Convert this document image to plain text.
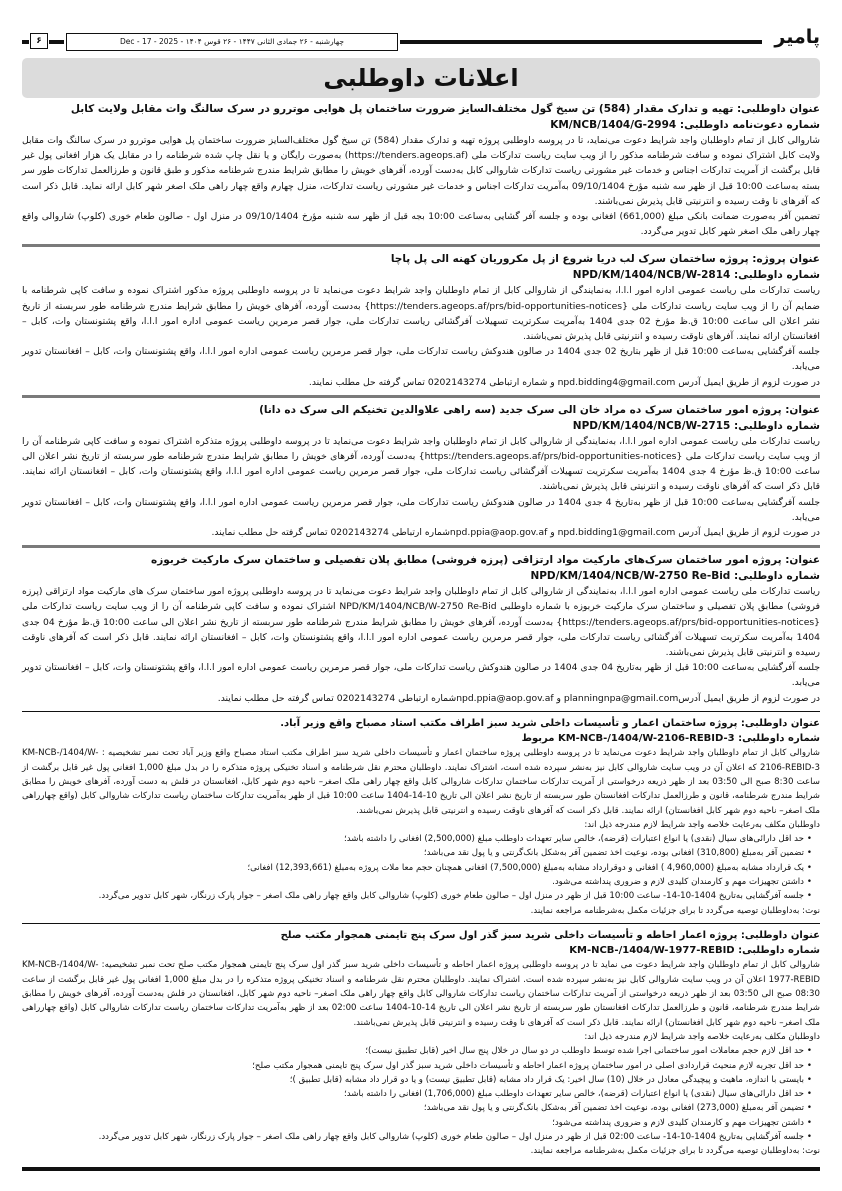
پامیر
چهارشنبه - ۲۶ جمادی الثانی ۱۴۴۷ - ۲۶ قوس ۱۴۰۴ - 2025 - 17 - Dec
۶
اعلانات داوطلبی
عنوان داوطلبی: تهیه و تدارک مقدار (584) تن سیخ گول مختلف‌السایز ضرورت ساختمان پل هوایی موتررو در سرک سالنگ وات مقابل ولایت کابل
شماره دعوت‌نامه داوطلبی: KM/NCB/1404/G-2994

شاروالی کابل از تمام داوطلبان واجد شرایط دعوت می‌نماید، تا در پروسه داوطلبی پروژه تهیه و تدارک مقدار (584) تن سیخ گول مختلف‌السایز ضرورت ساختمان پل هوایی موتررو در سرک سالنگ وات مقابل ولایت کابل اشتراک نموده و سافت شرطنامه مذکور را از ویب سایت ریاست تدارکات ملی (https://tenders.ageops.af) به‌صورت رایگان و یا نقل چاپ شده شرطنامه را در مقابل یک هزار افغانی پول غیر قابل برگشت از آمریت تدارکات اجناس و خدمات غیر مشورتی ریاست تدارکات شاروالی کابل به‌دست آورده، آفرهای خویش را مطابق شرایط مندرج شرطنامه مذکور و طبق قانون و طرزالعمل تدارکات طور سر بسته به‌ساعت 10:00 قبل از ظهر سه شنبه مؤرخ 09/10/1404 به‌آمریت تدارکات اجناس و خدمات غیر مشورتی ریاست تدارکات، منزل چهارم واقع چهار راهی ملک اصغر شهر کابل ارائه نماید. قابل ذکر است که آفرهای نا وقت رسیده و انترنیتی قابل پذیرش نمی‌باشند.

تضمین آفر به‌صورت ضمانت بانکی مبلغ (661,000) افغانی بوده و جلسه آفر گشایی به‌ساعت 10:00 بجه قبل از ظهر سه شنبه مؤرخ 09/10/1404 در منزل اول - صالون طعام خوری (کلوپ) شاروالی واقع چهار راهی ملک اصغر شهر کابل تدویر می‌گردد.

عنوان پروژه: پروژه ساختمان سرک لب دریا شروع از پل مکروریان کهنه الی پل پاچا
شماره داوطلبی: NPD/KM/1404/NCB/W-2814

ریاست تدارکات ملی ریاست عمومی اداره امور ا.ا.ا، به‌نمایندگی از شاروالی کابل از تمام داوطلبان واجد شرایط دعوت می‌نماید تا در پروسه داوطلبی پروژه مذکور اشتراک نموده و سافت کاپی شرطنامه با ضمایم آن را از ویب سایت ریاست تدارکات ملی {https://tenders.ageops.af/prs/bid-opportunities-notices} به‌دست آورده، آفرهای خویش را مطابق شرایط مندرج شرطنامه طور سربسته از تاریخ نشر اعلان الی ساعت 10:00 ق.ظ مؤرخ 02 جدی 1404 به‌آمریت سکرتریت تسهیلات آفرگشائی ریاست تدارکات ملی، جوار قصر مرمرین ریاست عمومی اداره امور ا.ا.ا، واقع پشتونستان وات، کابل – افغانستان ارائه نمایند. آفرهای ناوقت رسیده و انترنیتی قابل پذیرش نمی‌باشند.

جلسه آفرگشایی به‌ساعت 10:00 قبل از ظهر بتاریخ 02 جدی 1404 در صالون هندوکش ریاست تدارکات ملی، جوار قصر مرمرین ریاست عمومی اداره امور ا.ا.ا، واقع پشتونستان وات، کابل – افغانستان تدویر می‌یابد.

در صورت لزوم از طریق ایمیل آدرس npd.bidding4@gmail.com و شماره ارتباطی 0202143274 تماس گرفته حل مطلب نمایند.

عنوان: پروژه امور ساختمان سرک ده مراد خان الی سرک جدید (سه راهی علاوالدین تخنیکم الی سرک ده دانا)
شماره داوطلبی: NPD/KM/1404/NCB/W-2715

ریاست تدارکات ملی ریاست عمومی اداره امور ا.ا.ا، به‌نمایندگی از شاروالی کابل از تمام داوطلبان واجد شرایط دعوت می‌نماید تا در پروسه داوطلبی پروژه متذکره اشتراک نموده و سافت کاپی شرطنامه آن را از ویب سایت ریاست تدارکات ملی {https://tenders.ageops.af/prs/bid-opportunities-notices} به‌دست آورده، آفرهای خویش را مطابق شرایط مندرج شرطنامه طور سربسته از تاریخ نشر اعلان الی ساعت 10:00 ق.ظ مؤرخ 4 جدی 1404 به‌آمریت سکرتریت تسهیلات آفرگشائی ریاست تدارکات ملی، جوار قصر مرمرین ریاست عمومی اداره امور ا.ا.ا، واقع پشتونستان وات، کابل – افغانستان ارائه نمایند. قابل ذکر است که آفرهای ناوقت رسیده و انترنیتی قابل پذیرش نمی‌باشند.

جلسه آفرگشایی به‌ساعت 10:00 قبل از ظهر به‌تاریخ 4 جدی 1404 در صالون هندوکش ریاست تدارکات ملی، جوار قصر مرمرین ریاست عمومی اداره امور ا.ا.ا، واقع پشتونستان وات، کابل – افغانستان تدویر می‌یابد.

در صورت لزوم از طریق ایمیل آدرس npd.bidding1@gmail.com و npd.ppia@aop.gov.afشماره ارتباطی 0202143274 تماس گرفته حل مطلب نمایند.

عنوان: پروژه امور ساختمان سرک‌های مارکیت مواد ارتزاقی (پرزه فروشی) مطابق پلان تفصیلی و ساختمان سرک مارکیت خربوزه
شماره داوطلبی: NPD/KM/1404/NCB/W-2750 Re-Bid

ریاست تدارکات ملی ریاست عمومی اداره امور ا.ا.ا، به‌نمایندگی از شاروالی کابل از تمام داوطلبان واجد شرایط دعوت می‌نماید تا در پروسه داوطلبی پروژه امور ساختمان سرک های مارکیت مواد ارتزاقی (پرزه فروشی) مطابق پلان تفصیلی و ساختمان سرک مارکیت خربوزه با شماره داوطلبی NPD/KM/1404/NCB/W-2750 Re-Bid اشتراک نموده و سافت کاپی شرطنامه آن را از ویب سایت ریاست تدارکات ملی {https://tenders.ageops.af/prs/bid-opportunities-notices} به‌دست آورده، آفرهای خویش را مطابق شرایط مندرج شرطنامه طور سربسته از تاریخ نشر اعلان الی ساعت 10:00 ق.ظ مؤرخ 04 جدی 1404 به‌آمریت سکرتریت تسهیلات آفرگشائی ریاست تدارکات ملی، جوار قصر مرمرین ریاست عمومی اداره امور ا.ا.ا، واقع پشتونستان وات، کابل – افغانستان ارائه نمایند. قابل ذکر است که آفرهای ناوقت رسیده و انترنیتی قابل پذیرش نمی‌باشند.

جلسه آفرگشایی به‌ساعت 10:00 قبل از ظهر به‌تاریخ 04 جدی 1404 در صالون هندوکش ریاست تدارکات ملی، جوار قصر مرمرین ریاست عمومی اداره امور ا.ا.ا، واقع پشتونستان وات، کابل – افغانستان تدویر می‌یابد.

در صورت لزوم از طریق ایمیل آدرسplanningnpa@gmail.com و npd.ppia@aop.gov.afشماره ارتباطی 0202143274 تماس گرفته حل مطلب نمایند.

عنوان داوطلبی: پروژه ساختمان اعمار و تأسیسات داخلی شرید سبز اطراف مکتب استاد مصباح واقع وزیر آباد.
شماره داوطلبی: KM-NCB-/1404/W-2106-REBID-3 مربوط

شاروالی کابل از تمام داوطلبان واجد شرایط دعوت می‌نماید تا در پروسه داوطلبی پروژه ساختمان اعمار و تأسیسات داخلی شرید سبز اطراف مکتب استاد مصباح واقع وزیر آباد تحت نمبر تشخیصیه : KM-NCB-/1404/W-2106-REBID-3 که اعلان آن در ویب سایت شاروالی کابل نیز به‌نشر سپرده شده است، اشتراک نمایند. داوطلبان محترم نقل شرطنامه و اسناد تخنیکی پروژه متذکره را در بدل مبلغ 1,000 افغانی پول غیر قابل برگشت از ساعت 8:30 صبح الی 03:50 بعد از ظهر ذریعه درخواستی از آمریت تدارکات ساختمان تدارکات شاروالی کابل واقع چهار راهی ملک اصغر– ناحیه دوم شهر کابل، افغانستان در فلش به دست آورده، آفرهای خویش را مطابق شرایط مندرج شرطنامه، قانون و طرزالعمل تدارکات افغانستان طور سربسته از تاریخ نشر اعلان الی تاریخ 10-14-1404 ساعت 10:00 قبل از ظهر به‌آمریت تدارکات ساختمان ریاست تدارکات شاروالی کابل (واقع چهارراهی ملک اصغر– ناحیه دوم شهر کابل افغانستان) ارائه نمایند. قابل ذکر است که آفرهای ناوقت رسیده و انترنیتی قابل پذیرش نمی‌باشند.

داوطلبان مکلف به‌رعایت خلاصه واجد شرایط لازم مندرجه ذیل اند:

• حد اقل دارائی‌های سیال (نقدی) یا انواع اعتبارات (قرضه)، خالص سایر تعهدات داوطلب مبلغ (2,500,000) افغانی را داشته باشد؛
• تضمین آفر به‌مبلغ (310,800) افغانی بوده، نوعیت اخذ تضمین آفر به‌شکل بانک‌گرنتی و یا پول نقد می‌باشد؛
• یک قرارداد مشابه به‌مبلغ (4,960,000 ) افغانی و دوقرارداد مشابه به‌مبلغ (7,500,000) افغانی همچنان حجم معا ملات پروژه به‌مبلغ (12,393,661) افغانی؛
• داشتن تجهیزات مهم و کارمندان کلیدی لازم و ضروری پنداشته می‌شود.
• جلسه آفرگشایی به‌تاریخ 1404-10-14- ساعت 10:00 قبل از ظهر در منزل اول – صالون طعام خوری (کلوپ) شاروالی کابل واقع چهار راهی ملک اصغر – جوار پارک زرنگار، شهر کابل تدویر می‌گردد.

نوت: به‌داوطلبان توصیه می‌گردد تا برای جزئیات مکمل به‌شرطنامه مراجعه نمایند.

عنوان داوطلبی: پروژه اعمار احاطه و تأسیسات داخلی شرید سبز گذر اول سرک پنج تایمنی همجوار مکتب صلح
شماره داوطلبی: KM-NCB-/1404/W-1977-REBID

شاروالی کابل از تمام داوطلبان واجد شرایط دعوت می نماید تا در پروسه داوطلبی پروژه اعمار احاطه و تأسیسات داخلی شرید سبز گذر اول سرک پنج تایمنی همجوار مکتب صلح تحت نمبر تشخیصیه: KM-NCB-/1404/W-1977-REBID اعلان آن در ویب سایت شاروالی کابل نیز به‌نشر سپرده شده است. اشتراک نمایند. داوطلبان محترم نقل شرطنامه و اسناد تخنیکی پروژه متذکره را در بدل مبلغ 1,000 افغانی پول غیر قابل برگشت از ساعت 08:30 صبح الی 03:50 بعد از ظهر ذریعه درخواستی از آمریت تدارکات ساختمان ریاست تدارکات شاروالی کابل واقع چهار راهی ملک اصغر– ناحیه دوم شهر کابل، افغانستان در فلش به‌دست آورده، آفرهای خویش را مطابق شرایط مندرج شرطنامه، قانون و طرزالعمل تدارکات افغانستان طور سربسته از تاریخ نشر اعلان الی تاریخ 14-10-1404 ساعت 02:00 بعد از ظهر به‌آمریت تدارکات ساختمان ریاست تدارکات شاروالی کابل (واقع چهارراهی ملک اصغر– ناحیه دوم شهر کابل افغانستان) ارائه نمایند. قابل ذکر است که آفرهای نا وقت رسیده و انترنیتی قابل پذیرش نمی‌باشند.

داوطلبان مکلف به‌رعایت خلاصه واجد شرایط لازم مندرجه ذیل اند:

• حد اقل لازم حجم معاملات امور ساختمانی اجرا شده توسط داوطلب در دو سال در خلال پنج سال اخیر (قابل تطبیق نیست)؛
• حد اقل تجربه لازم منحیث قراردادی اصلی در امور ساختمان پروژه اعمار احاطه و تأسیسات داخلی شرید سبز گذر اول سرک پنج تایمنی همجوار مکتب صلح؛
• بایستی با اندازه، ماهیت و پیچیدگی معادل در خلال (10) سال اخیر: یک قرار داد مشابه (قابل تطبیق نیست) و یا دو قرار داد مشابه (قابل تطبیق )؛
• حد اقل دارائی‌های سیال (نقدی) یا انواع اعتبارات (قرضه)، خالص سایر تعهدات داوطلب مبلغ (1,706,000) افغانی را داشته باشد؛
• تضیمن آفر به‌مبلغ (273,000) افغانی بوده، نوعیت اخذ تضمین آفر به‌شکل بانک‌گرنتی و یا پول نقد می‌باشد؛
• داشتن تجهیزات مهم و کارمندان کلیدی لازم و ضروری پنداشته می‌شود؛
• جلسه آفرگشایی به‌تاریخ 1404-10-14- ساعت 02:00 قبل از ظهر در منزل اول – صالون طعام خوری (کلوپ) شاروالی کابل واقع چهار راهی ملک اصغر – جوار پارک زرنگار، شهر کابل تدویر می‌گردد.

نوت: به‌داوطلبان توصیه می‌گردد تا برای جزئیات مکمل به‌شرطنامه مراجعه نمایند.
